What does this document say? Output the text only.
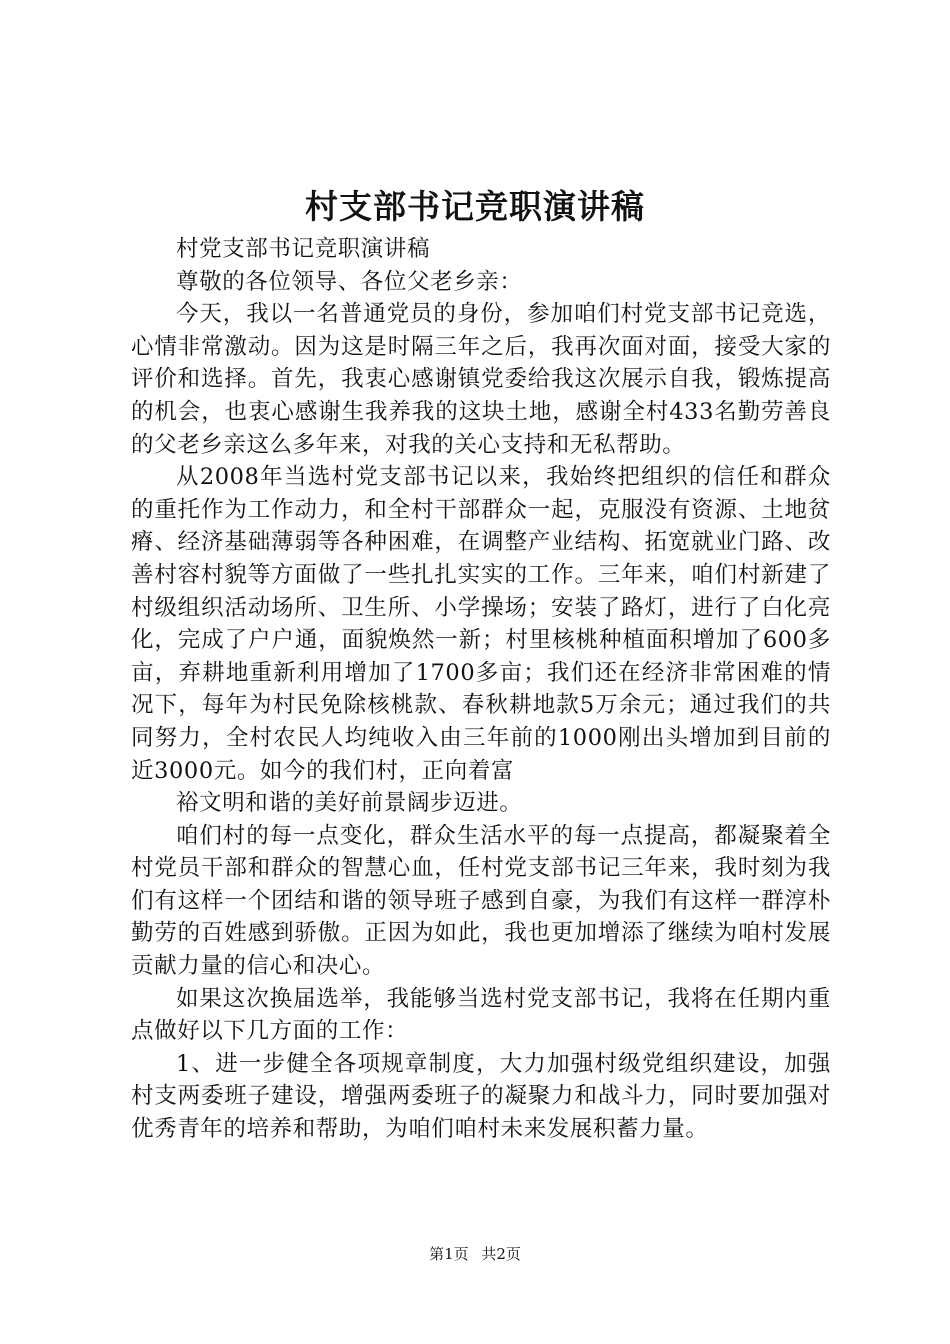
村支部书记竞职演讲稿

村党支部书记竞职演讲稿

尊敬的各位领导、各位父老乡亲：

今天，我以一名普通党员的身份，参加咱们村党支部书记竞选，心情非常激动。因为这是时隔三年之后，我再次面对面，接受大家的评价和选择。首先，我衷心感谢镇党委给我这次展示自我，锻炼提高的机会，也衷心感谢生我养我的这块土地，感谢全村433名勤劳善良的父老乡亲这么多年来，对我的关心支持和无私帮助。

从2008年当选村党支部书记以来，我始终把组织的信任和群众的重托作为工作动力，和全村干部群众一起，克服没有资源、土地贫瘠、经济基础薄弱等各种困难，在调整产业结构、拓宽就业门路、改善村容村貌等方面做了一些扎扎实实的工作。三年来，咱们村新建了村级组织活动场所、卫生所、小学操场；安装了路灯，进行了白化亮化，完成了户户通，面貌焕然一新；村里核桃种植面积增加了600多亩，弃耕地重新利用增加了1700多亩；我们还在经济非常困难的情况下，每年为村民免除核桃款、春秋耕地款5万余元；通过我们的共同努力，全村农民人均纯收入由三年前的1000刚出头增加到目前的近3000元。如今的我们村，正向着富

裕文明和谐的美好前景阔步迈进。

咱们村的每一点变化，群众生活水平的每一点提高，都凝聚着全村党员干部和群众的智慧心血，任村党支部书记三年来，我时刻为我们有这样一个团结和谐的领导班子感到自豪，为我们有这样一群淳朴勤劳的百姓感到骄傲。正因为如此，我也更加增添了继续为咱村发展贡献力量的信心和决心。

如果这次换届选举，我能够当选村党支部书记，我将在任期内重点做好以下几方面的工作：

1、进一步健全各项规章制度，大力加强村级党组织建设，加强村支两委班子建设，增强两委班子的凝聚力和战斗力，同时要加强对优秀青年的培养和帮助，为咱们咱村未来发展积蓄力量。

第1页 共2页
